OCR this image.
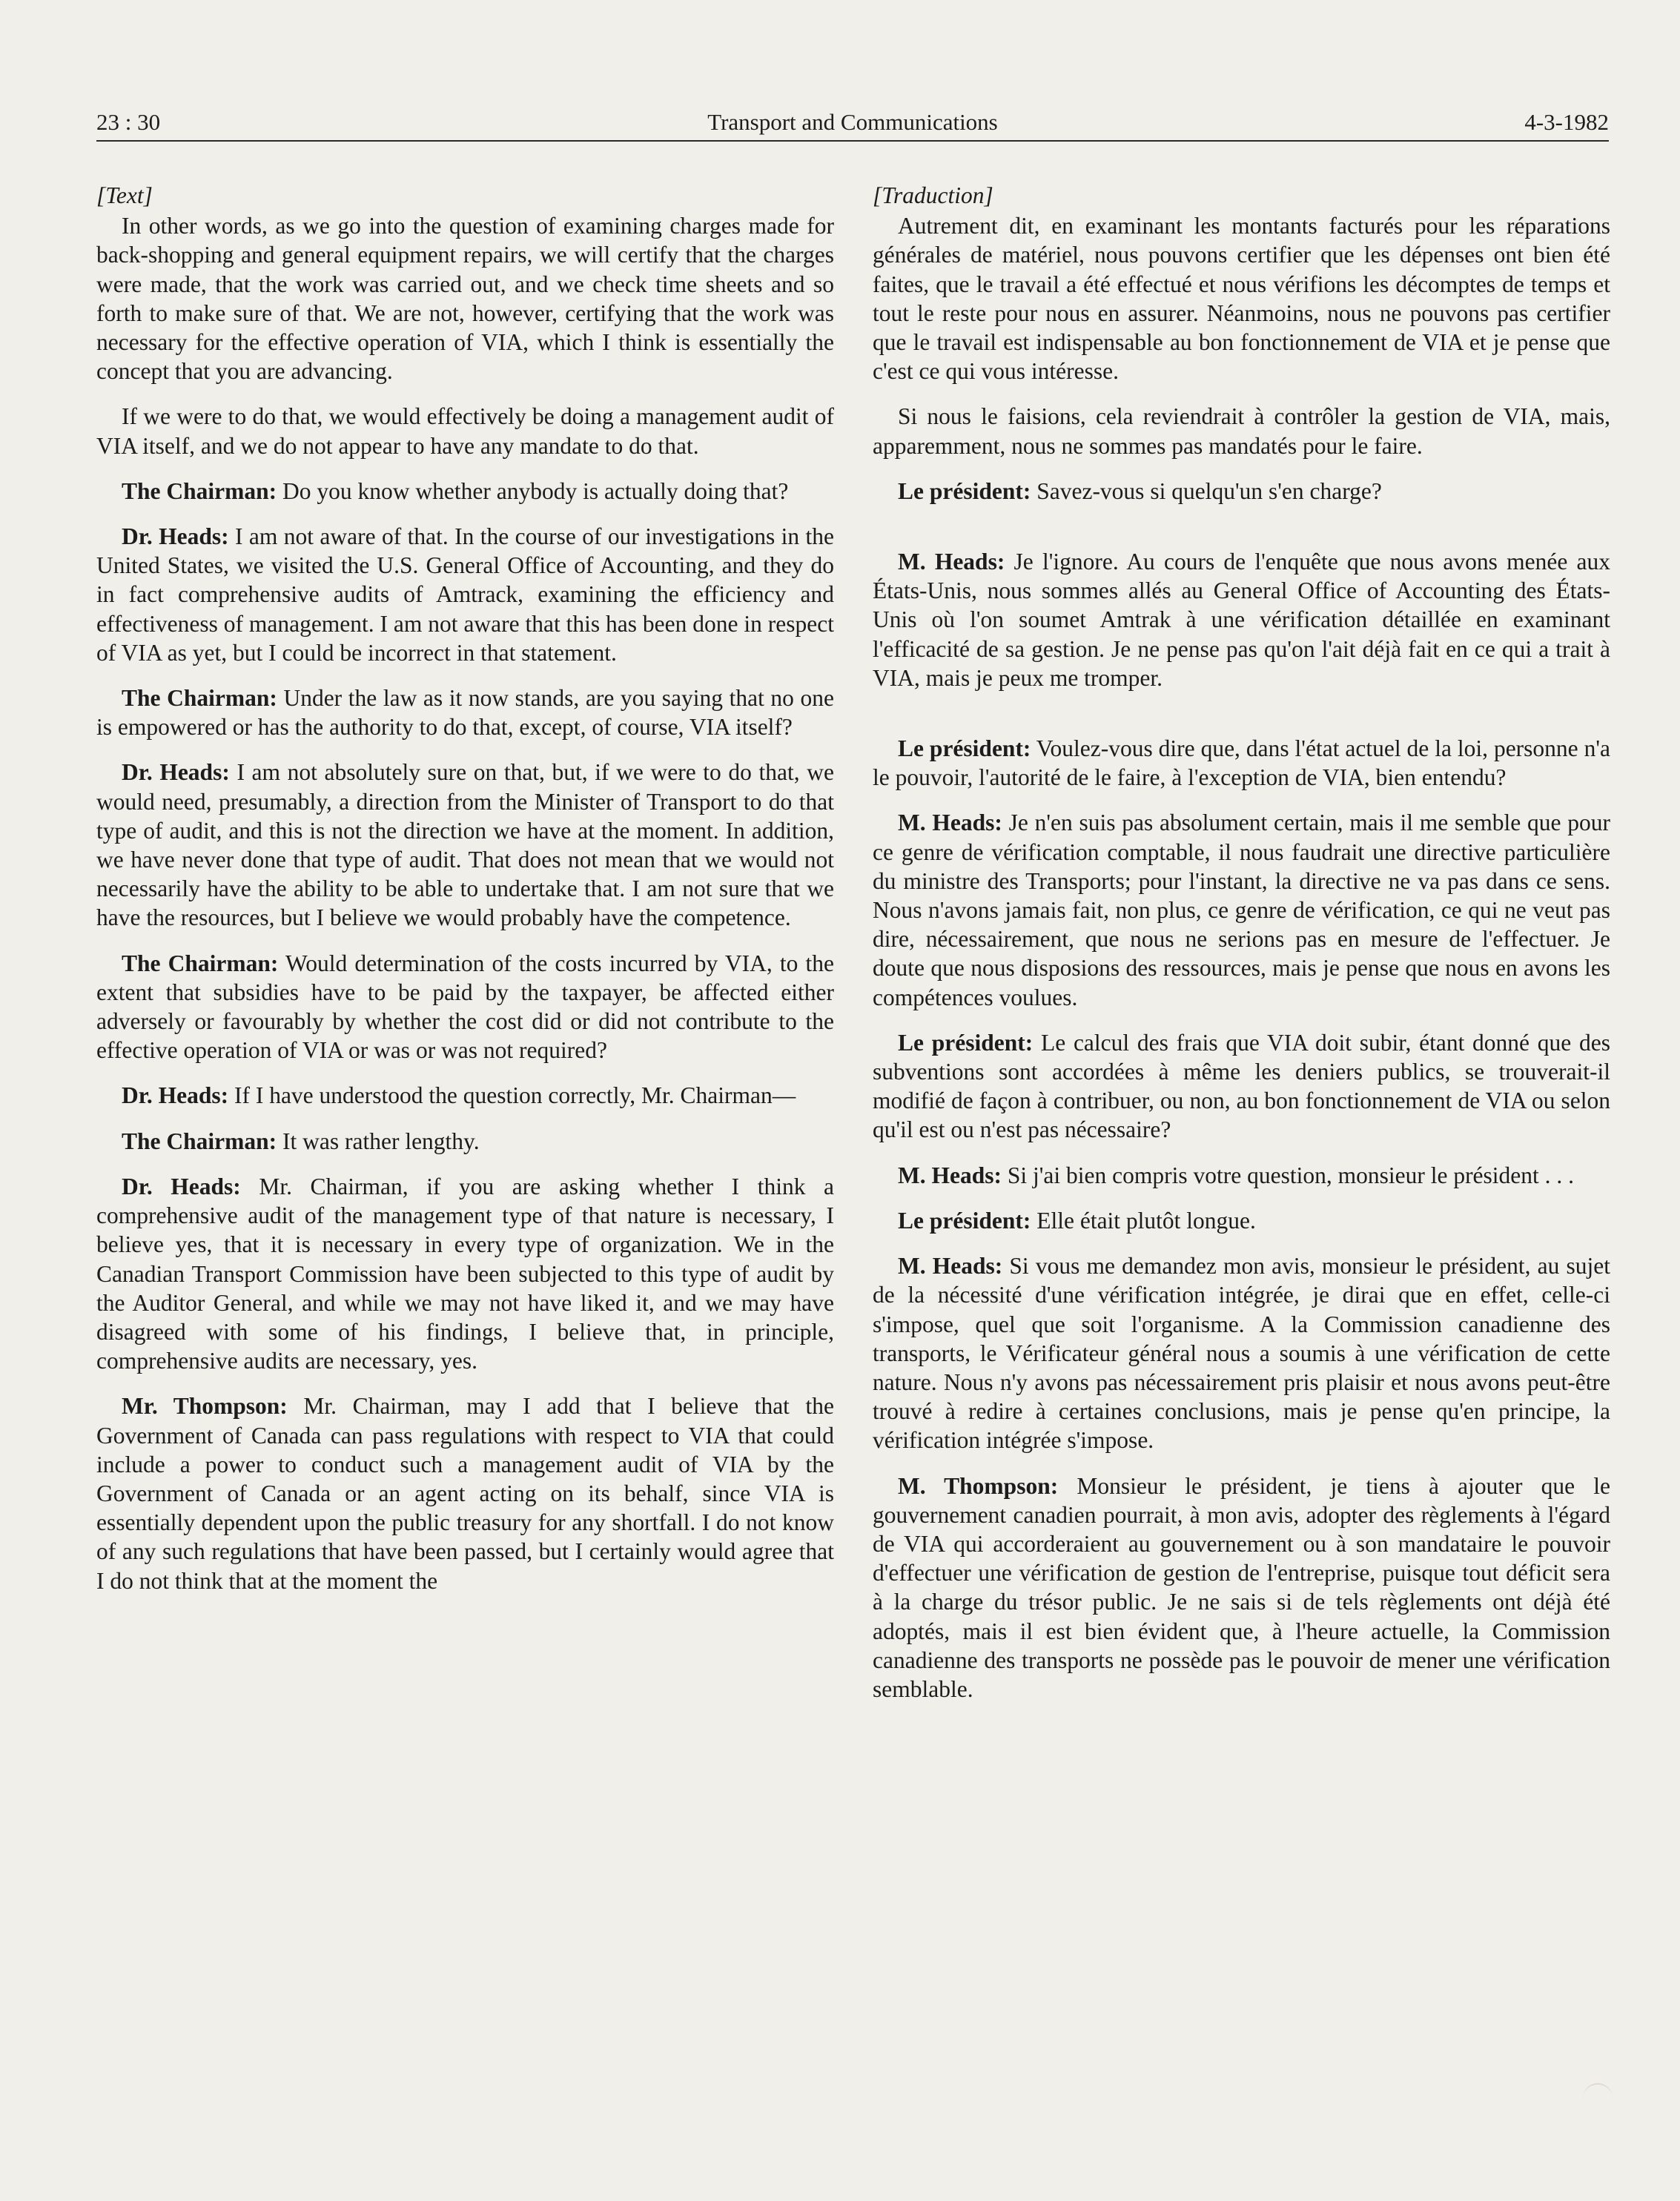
23 : 30	Transport and Communications	4-3-1982

[Text]

In other words, as we go into the question of examining charges made for back-shopping and general equipment repairs, we will certify that the charges were made, that the work was carried out, and we check time sheets and so forth to make sure of that. We are not, however, certifying that the work was necessary for the effective operation of VIA, which I think is essentially the concept that you are advancing.

If we were to do that, we would effectively be doing a management audit of VIA itself, and we do not appear to have any mandate to do that.

The Chairman: Do you know whether anybody is actually doing that?

Dr. Heads: I am not aware of that. In the course of our investigations in the United States, we visited the U.S. General Office of Accounting, and they do in fact comprehensive audits of Amtrack, examining the efficiency and effectiveness of management. I am not aware that this has been done in respect of VIA as yet, but I could be incorrect in that statement.

The Chairman: Under the law as it now stands, are you saying that no one is empowered or has the authority to do that, except, of course, VIA itself?

Dr. Heads: I am not absolutely sure on that, but, if we were to do that, we would need, presumably, a direction from the Minister of Transport to do that type of audit, and this is not the direction we have at the moment. In addition, we have never done that type of audit. That does not mean that we would not necessarily have the ability to be able to undertake that. I am not sure that we have the resources, but I believe we would probably have the competence.

The Chairman: Would determination of the costs incurred by VIA, to the extent that subsidies have to be paid by the taxpayer, be affected either adversely or favourably by whether the cost did or did not contribute to the effective operation of VIA or was or was not required?

Dr. Heads: If I have understood the question correctly, Mr. Chairman—

The Chairman: It was rather lengthy.

Dr. Heads: Mr. Chairman, if you are asking whether I think a comprehensive audit of the management type of that nature is necessary, I believe yes, that it is necessary in every type of organization. We in the Canadian Transport Commission have been subjected to this type of audit by the Auditor General, and while we may not have liked it, and we may have disagreed with some of his findings, I believe that, in principle, comprehensive audits are necessary, yes.

Mr. Thompson: Mr. Chairman, may I add that I believe that the Government of Canada can pass regulations with respect to VIA that could include a power to conduct such a management audit of VIA by the Government of Canada or an agent acting on its behalf, since VIA is essentially dependent upon the public treasury for any shortfall. I do not know of any such regulations that have been passed, but I certainly would agree that I do not think that at the moment the

[Traduction]

Autrement dit, en examinant les montants facturés pour les réparations générales de matériel, nous pouvons certifier que les dépenses ont bien été faites, que le travail a été effectué et nous vérifions les décomptes de temps et tout le reste pour nous en assurer. Néanmoins, nous ne pouvons pas certifier que le travail est indispensable au bon fonctionnement de VIA et je pense que c'est ce qui vous intéresse.

Si nous le faisions, cela reviendrait à contrôler la gestion de VIA, mais, apparemment, nous ne sommes pas mandatés pour le faire.

Le président: Savez-vous si quelqu'un s'en charge?

M. Heads: Je l'ignore. Au cours de l'enquête que nous avons menée aux États-Unis, nous sommes allés au General Office of Accounting des États-Unis où l'on soumet Amtrak à une vérification détaillée en examinant l'efficacité de sa gestion. Je ne pense pas qu'on l'ait déjà fait en ce qui a trait à VIA, mais je peux me tromper.

Le président: Voulez-vous dire que, dans l'état actuel de la loi, personne n'a le pouvoir, l'autorité de le faire, à l'exception de VIA, bien entendu?

M. Heads: Je n'en suis pas absolument certain, mais il me semble que pour ce genre de vérification comptable, il nous faudrait une directive particulière du ministre des Transports; pour l'instant, la directive ne va pas dans ce sens. Nous n'avons jamais fait, non plus, ce genre de vérification, ce qui ne veut pas dire, nécessairement, que nous ne serions pas en mesure de l'effectuer. Je doute que nous disposions des ressources, mais je pense que nous en avons les compétences voulues.

Le président: Le calcul des frais que VIA doit subir, étant donné que des subventions sont accordées à même les deniers publics, se trouverait-il modifié de façon à contribuer, ou non, au bon fonctionnement de VIA ou selon qu'il est ou n'est pas nécessaire?

M. Heads: Si j'ai bien compris votre question, monsieur le président . . .

Le président: Elle était plutôt longue.

M. Heads: Si vous me demandez mon avis, monsieur le président, au sujet de la nécessité d'une vérification intégrée, je dirai que en effet, celle-ci s'impose, quel que soit l'organisme. A la Commission canadienne des transports, le Vérificateur général nous a soumis à une vérification de cette nature. Nous n'y avons pas nécessairement pris plaisir et nous avons peut-être trouvé à redire à certaines conclusions, mais je pense qu'en principe, la vérification intégrée s'impose.

M. Thompson: Monsieur le président, je tiens à ajouter que le gouvernement canadien pourrait, à mon avis, adopter des règlements à l'égard de VIA qui accorderaient au gouvernement ou à son mandataire le pouvoir d'effectuer une vérification de gestion de l'entreprise, puisque tout déficit sera à la charge du trésor public. Je ne sais si de tels règlements ont déjà été adoptés, mais il est bien évident que, à l'heure actuelle, la Commission canadienne des transports ne possède pas le pouvoir de mener une vérification semblable.
